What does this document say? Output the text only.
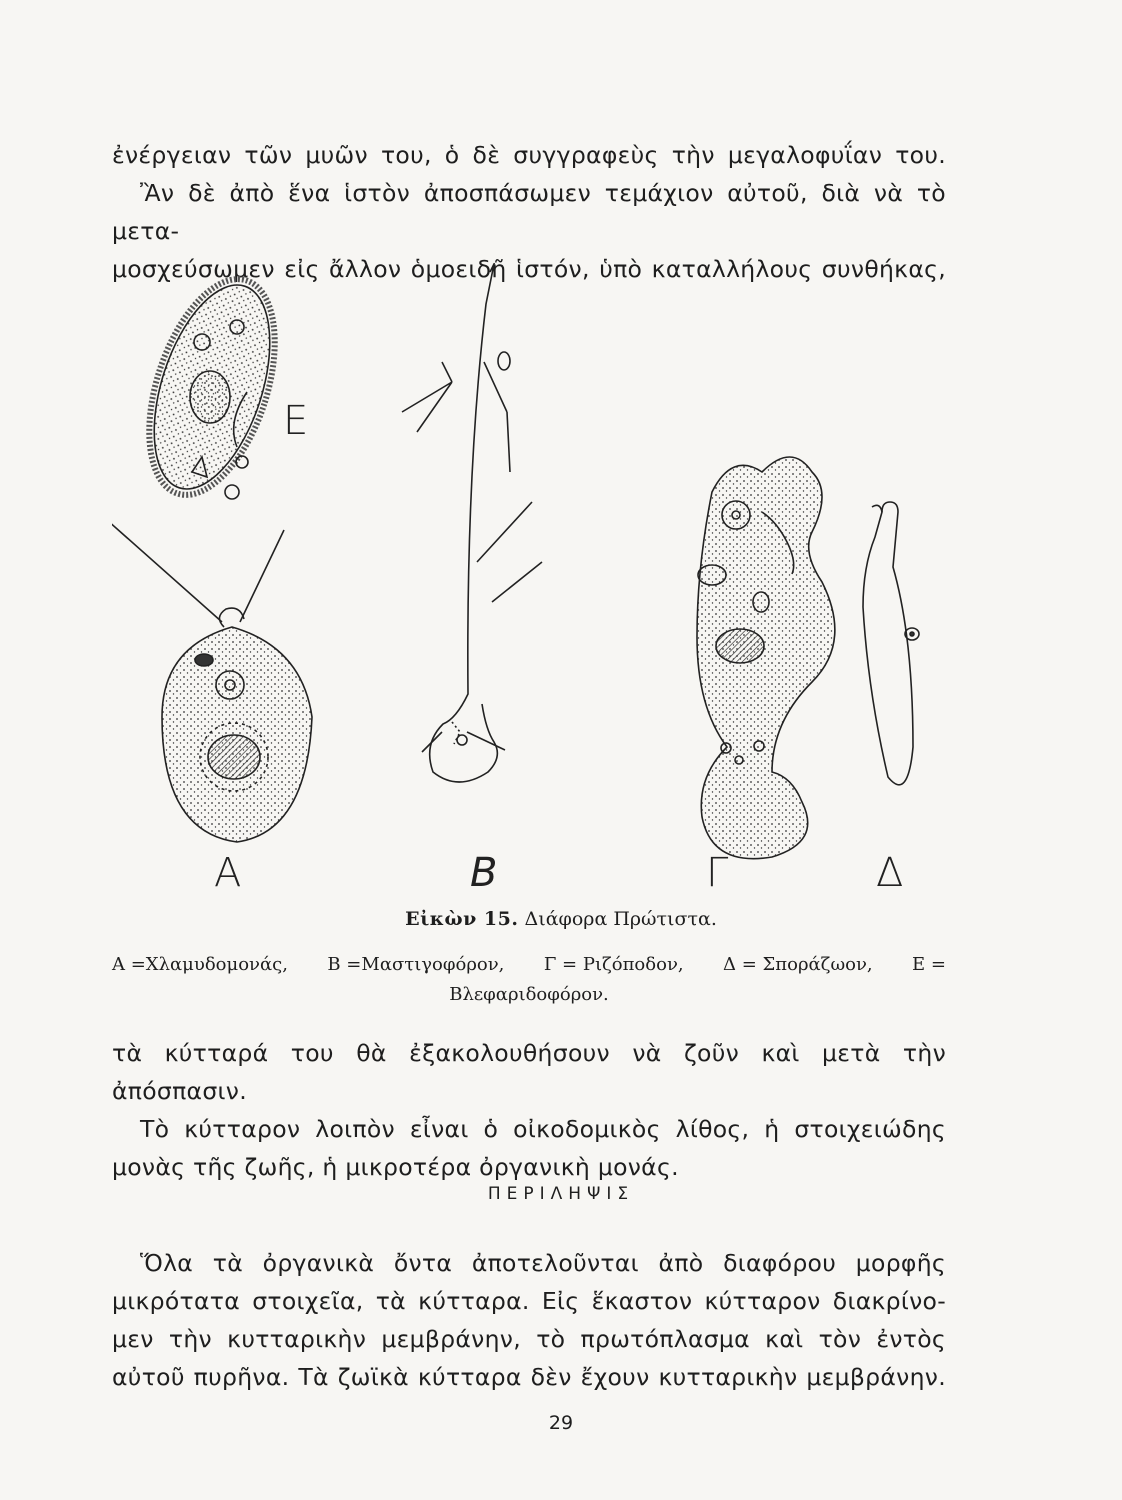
ἐνέργειαν τῶν μυῶν του, ὁ δὲ συγγραφεὺς τὴν μεγαλοφυΐαν του.
Ἂν δὲ ἀπὸ ἕνα ἱστὸν ἀποσπάσωμεν τεμάχιον αὐτοῦ, διὰ νὰ τὸ μετα-
μοσχεύσωμεν εἰς ἄλλον ὁμοειδῆ ἱστόν, ὑπὸ καταλλήλους συνθήκας,
Α	Β	Γ	Δ
Ε
Εἰκὼν 15. Διάφορα Πρώτιστα.
Α =Χλαμυδομονάς, Β =Μαστιγοφόρον, Γ = Ριζόποδον, Δ = Σποράζωον, Ε =
Βλεφαριδοφόρον.
τὰ κύτταρά του θὰ ἐξακολουθήσουν νὰ ζοῦν καὶ μετὰ τὴν ἀπόσπασιν.
Τὸ κύτταρον λοιπὸν εἶναι ὁ οἰκοδομικὸς λίθος, ἡ στοιχειώδης
μονὰς τῆς ζωῆς, ἡ μικροτέρα ὀργανικὴ μονάς.
ΠΕΡΙΛΗΨΙΣ
Ὅλα τὰ ὀργανικὰ ὄντα ἀποτελοῦνται ἀπὸ διαφόρου μορφῆς
μικρότατα στοιχεῖα, τὰ κύτταρα. Εἰς ἕκαστον κύτταρον διακρίνο-
μεν τὴν κυτταρικὴν μεμβράνην, τὸ πρωτόπλασμα καὶ τὸν ἐντὸς
αὐτοῦ πυρῆνα. Τὰ ζωϊκὰ κύτταρα δὲν ἔχουν κυτταρικὴν μεμβράνην.
29
